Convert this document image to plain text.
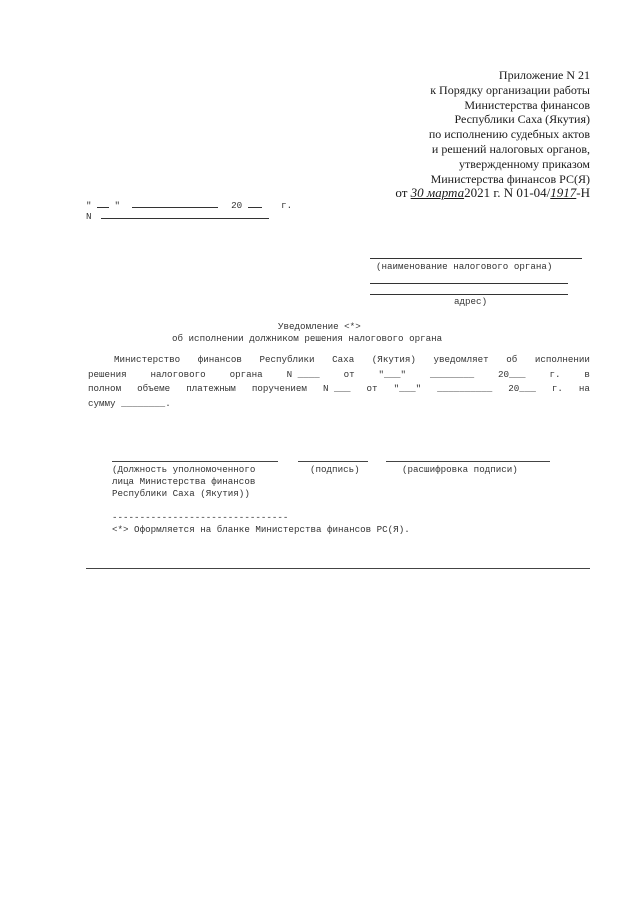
Приложение N 21
к Порядку организации работы
Министерства финансов
Республики Саха (Якутия)
по исполнению судебных актов
и решений налоговых органов,
утвержденному приказом
Министерства финансов РС(Я)
от 30 марта2021 г. N 01-04/1917-Н
"	"	20	г.
N
(наименование налогового органа)
адрес)
Уведомление <*>
об исполнении должником решения налогового органа
Министерство финансов Республики Саха (Якутия) уведомляет об исполнении
решения	налогового	органа	N ____	от	"___"	________	20___	г.	в
полном объеме платежным поручением N ___ от "___" __________ 20___ г. на
сумму ________.
(Должность уполномоченного
лица Министерства финансов
Республики Саха (Якутия))
(подпись)	(расшифровка подписи)
--------------------------------
<*> Оформляется на бланке Министерства финансов РС(Я).
